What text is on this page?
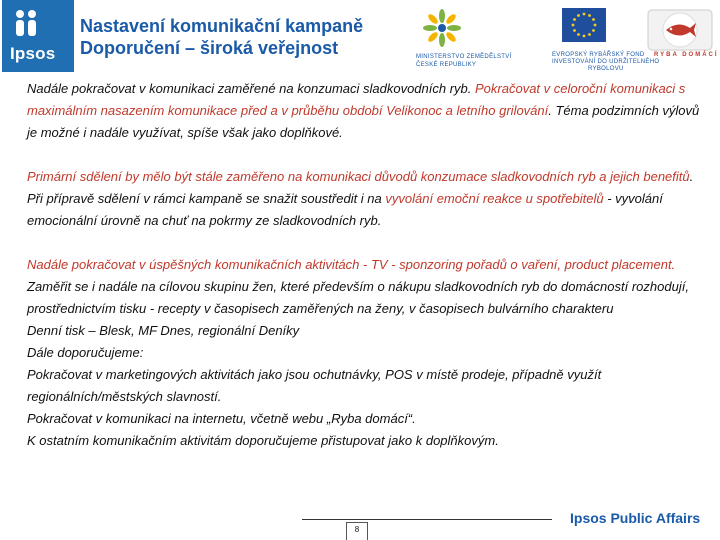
Ipsos
Nastavení komunikační kampaně
Doporučení – široká veřejnost	MINISTERSTVO ZEMĚDĚLSTVÍ
ČESKÉ REPUBLIKY
EVROPSKÝ RYBÁŘSKÝ FOND
INVESTOVÁNÍ DO UDRŽITELNÉHO
RYBOLOVU
RYBA DOMÁCÍ

Nadále pokračovat v komunikaci zaměřené na konzumaci sladkovodních ryb. Pokračovat v celoroční komunikaci s maximálním nasazením komunikace před a v průběhu období Velikonoc a letního grilování. Téma podzimních výlovů je možné i nadále využívat, spíše však jako doplňkové.

Primární sdělení by mělo být stále zaměřeno na komunikaci důvodů konzumace sladkovodních ryb a jejich benefitů. Při přípravě sdělení v rámci kampaně se snažit soustředit i na vyvolání emoční reakce u spotřebitelů - vyvolání emocionální úrovně na chuť na pokrmy ze sladkovodních ryb.

Nadále pokračovat v úspěšných komunikačních aktivitách - TV - sponzoring pořadů o vaření, product placement.

Zaměřit se i nadále na cílovou skupinu žen, které především o nákupu sladkovodních ryb do domácností rozhodují, prostřednictvím tisku - recepty v časopisech zaměřených na ženy, v časopisech bulvárního charakteru

Denní tisk – Blesk, MF Dnes, regionální Deníky

Dále doporučujeme:

Pokračovat v marketingových aktivitách jako jsou ochutnávky, POS v místě prodeje, případně využít regionálních/městských slavností.

Pokračovat v komunikaci na internetu, včetně webu „Ryba domácí“.

K ostatním komunikačním aktivitám doporučujeme přistupovat jako k doplňkovým.

8
Ipsos Public Affairs
